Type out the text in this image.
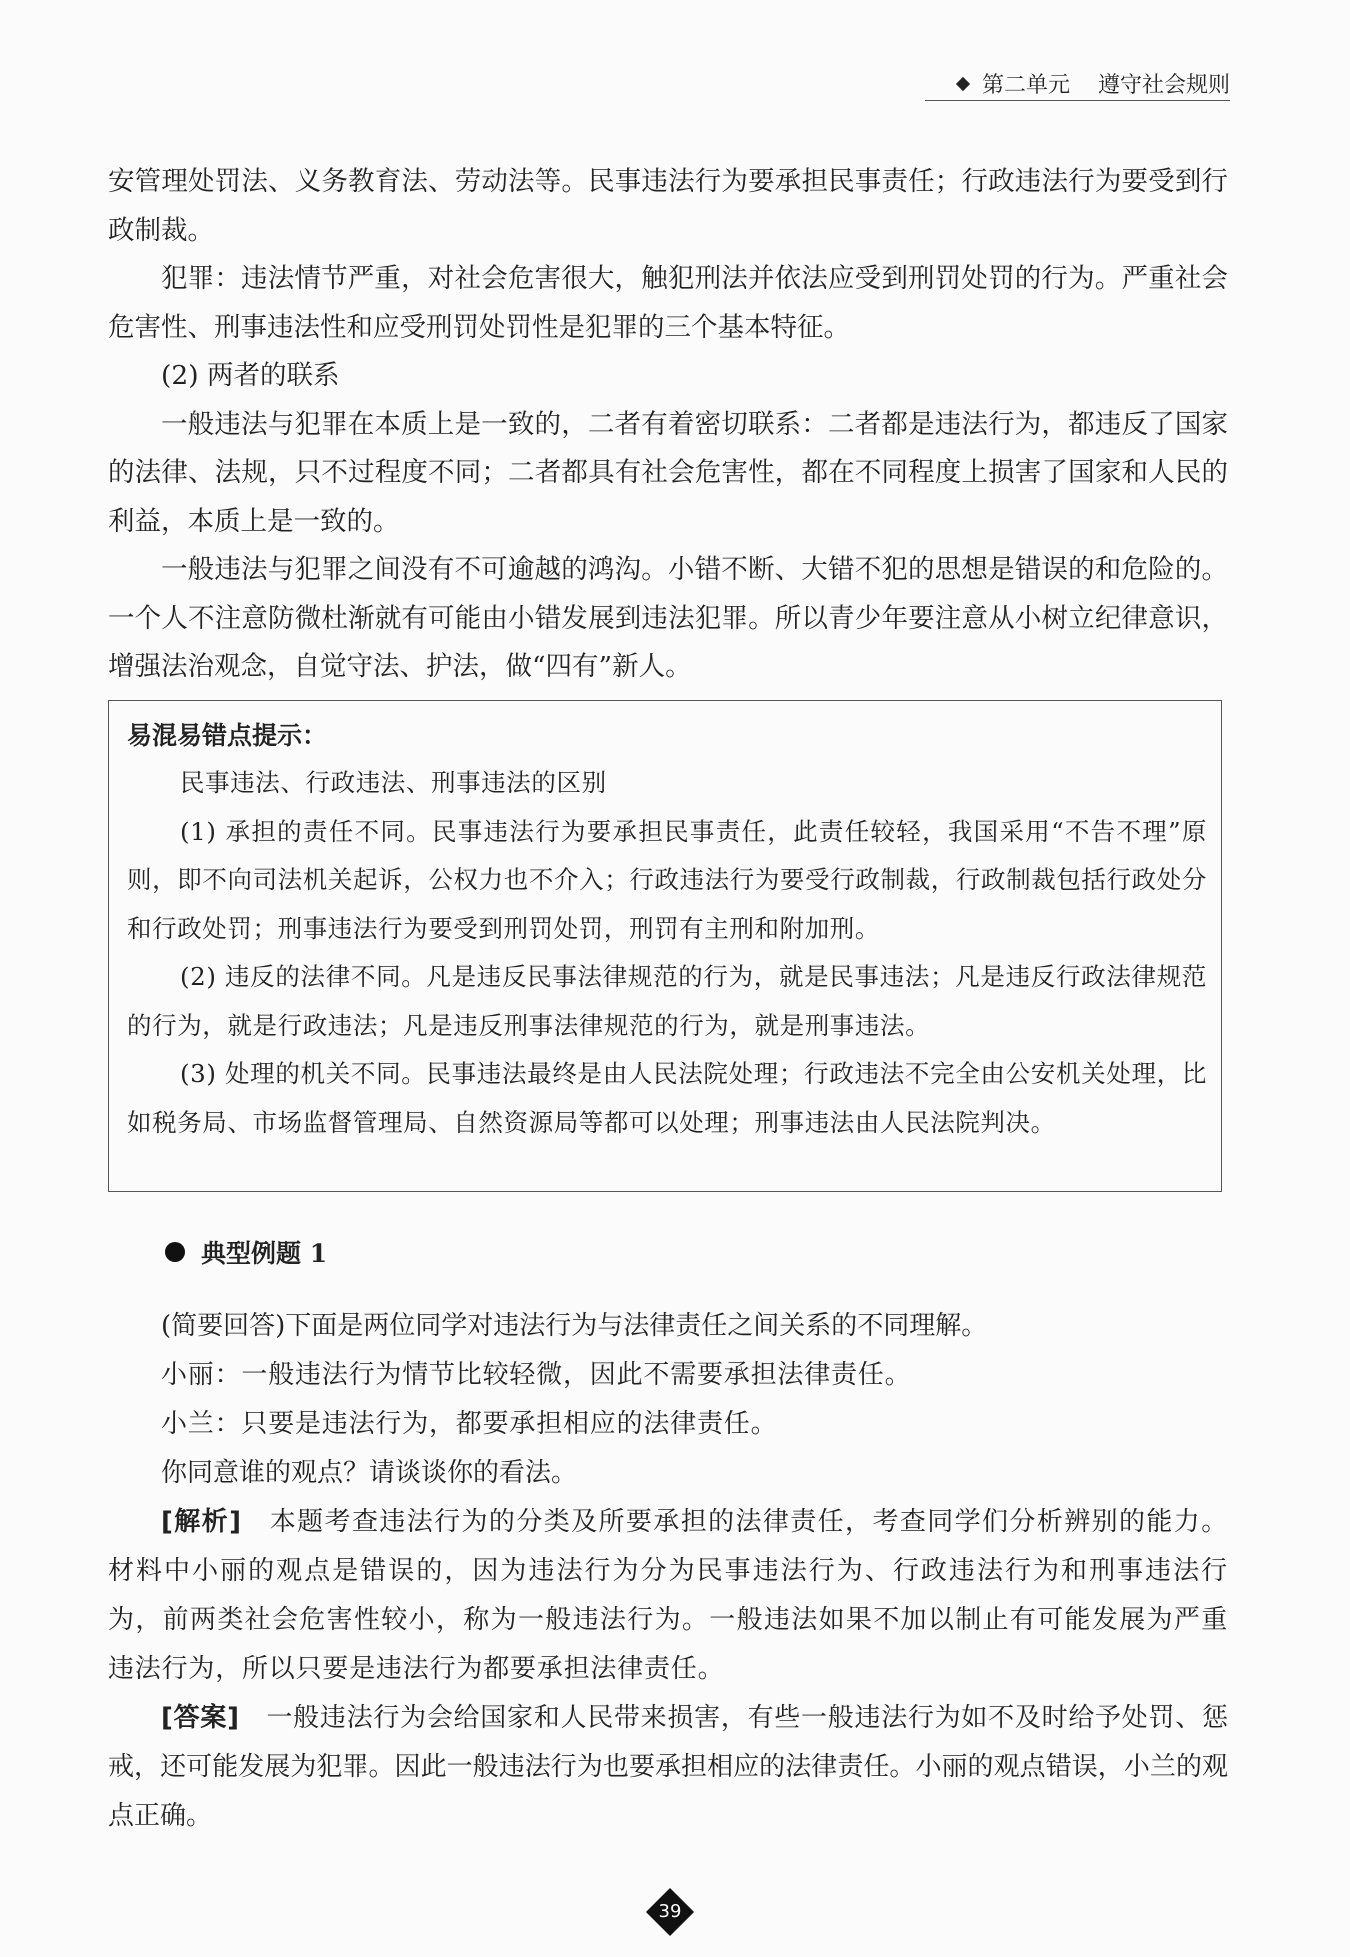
第二单元 遵守社会规则

安管理处罚法、义务教育法、劳动法等。民事违法行为要承担民事责任；行政违法行为要受到行政制裁。

犯罪：违法情节严重，对社会危害很大，触犯刑法并依法应受到刑罚处罚的行为。严重社会危害性、刑事违法性和应受刑罚处罚性是犯罪的三个基本特征。

(2) 两者的联系

一般违法与犯罪在本质上是一致的，二者有着密切联系：二者都是违法行为，都违反了国家的法律、法规，只不过程度不同；二者都具有社会危害性，都在不同程度上损害了国家和人民的利益，本质上是一致的。

一般违法与犯罪之间没有不可逾越的鸿沟。小错不断、大错不犯的思想是错误的和危险的。一个人不注意防微杜渐就有可能由小错发展到违法犯罪。所以青少年要注意从小树立纪律意识，增强法治观念，自觉守法、护法，做“四有”新人。

易混易错点提示：

民事违法、行政违法、刑事违法的区别

(1) 承担的责任不同。民事违法行为要承担民事责任，此责任较轻，我国采用“不告不理”原则，即不向司法机关起诉，公权力也不介入；行政违法行为要受行政制裁，行政制裁包括行政处分和行政处罚；刑事违法行为要受到刑罚处罚，刑罚有主刑和附加刑。

(2) 违反的法律不同。凡是违反民事法律规范的行为，就是民事违法；凡是违反行政法律规范的行为，就是行政违法；凡是违反刑事法律规范的行为，就是刑事违法。

(3) 处理的机关不同。民事违法最终是由人民法院处理；行政违法不完全由公安机关处理，比如税务局、市场监督管理局、自然资源局等都可以处理；刑事违法由人民法院判决。

典型例题 1

(简要回答)下面是两位同学对违法行为与法律责任之间关系的不同理解。

小丽：一般违法行为情节比较轻微，因此不需要承担法律责任。

小兰：只要是违法行为，都要承担相应的法律责任。

你同意谁的观点？请谈谈你的看法。

[解析]　 本题考查违法行为的分类及所要承担的法律责任，考查同学们分析辨别的能力。材料中小丽的观点是错误的，因为违法行为分为民事违法行为、行政违法行为和刑事违法行为，前两类社会危害性较小，称为一般违法行为。一般违法如果不加以制止有可能发展为严重违法行为，所以只要是违法行为都要承担法律责任。

[答案]　 一般违法行为会给国家和人民带来损害，有些一般违法行为如不及时给予处罚、惩戒，还可能发展为犯罪。因此一般违法行为也要承担相应的法律责任。小丽的观点错误，小兰的观点正确。

39
